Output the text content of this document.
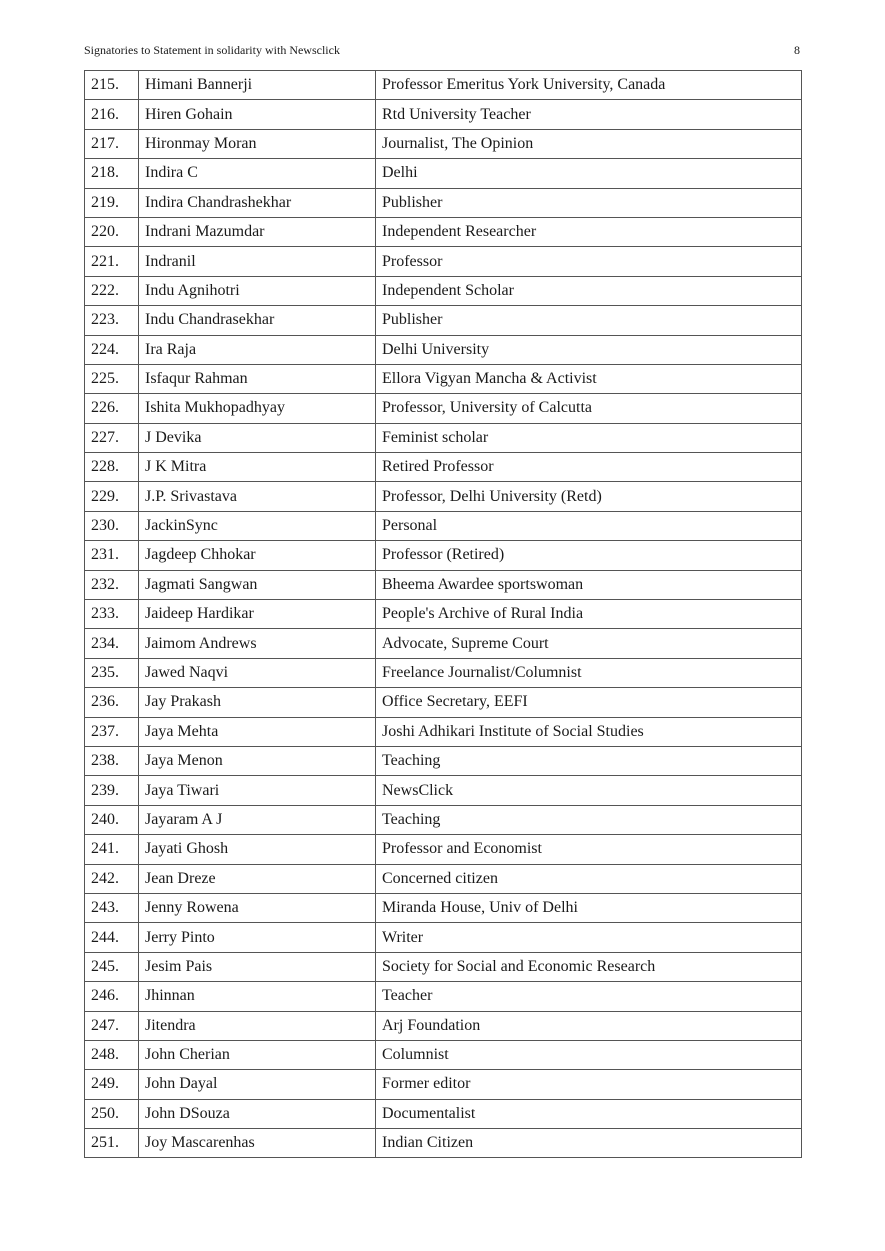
Signatories to Statement in solidarity with Newsclick	8
215.	Himani Bannerji	Professor Emeritus York University, Canada
216.	Hiren Gohain	Rtd University Teacher
217.	Hironmay Moran	Journalist, The Opinion
218.	Indira C	Delhi
219.	Indira Chandrashekhar	Publisher
220.	Indrani Mazumdar	Independent Researcher
221.	Indranil	Professor
222.	Indu Agnihotri	Independent Scholar
223.	Indu Chandrasekhar	Publisher
224.	Ira Raja	Delhi University
225.	Isfaqur Rahman	Ellora Vigyan Mancha & Activist
226.	Ishita Mukhopadhyay	Professor, University of Calcutta
227.	J Devika	Feminist scholar
228.	J K Mitra	Retired Professor
229.	J.P. Srivastava	Professor, Delhi University (Retd)
230.	JackinSync	Personal
231.	Jagdeep Chhokar	Professor (Retired)
232.	Jagmati Sangwan	Bheema Awardee sportswoman
233.	Jaideep Hardikar	People's Archive of Rural India
234.	Jaimom Andrews	Advocate, Supreme Court
235.	Jawed Naqvi	Freelance Journalist/Columnist
236.	Jay Prakash	Office Secretary, EEFI
237.	Jaya Mehta	Joshi Adhikari Institute of Social Studies
238.	Jaya Menon	Teaching
239.	Jaya Tiwari	NewsClick
240.	Jayaram A J	Teaching
241.	Jayati Ghosh	Professor and Economist
242.	Jean Dreze	Concerned citizen
243.	Jenny Rowena	Miranda House, Univ of Delhi
244.	Jerry Pinto	Writer
245.	Jesim Pais	Society for Social and Economic Research
246.	Jhinnan	Teacher
247.	Jitendra	Arj Foundation
248.	John Cherian	Columnist
249.	John Dayal	Former editor
250.	John DSouza	Documentalist
251.	Joy Mascarenhas	Indian Citizen
